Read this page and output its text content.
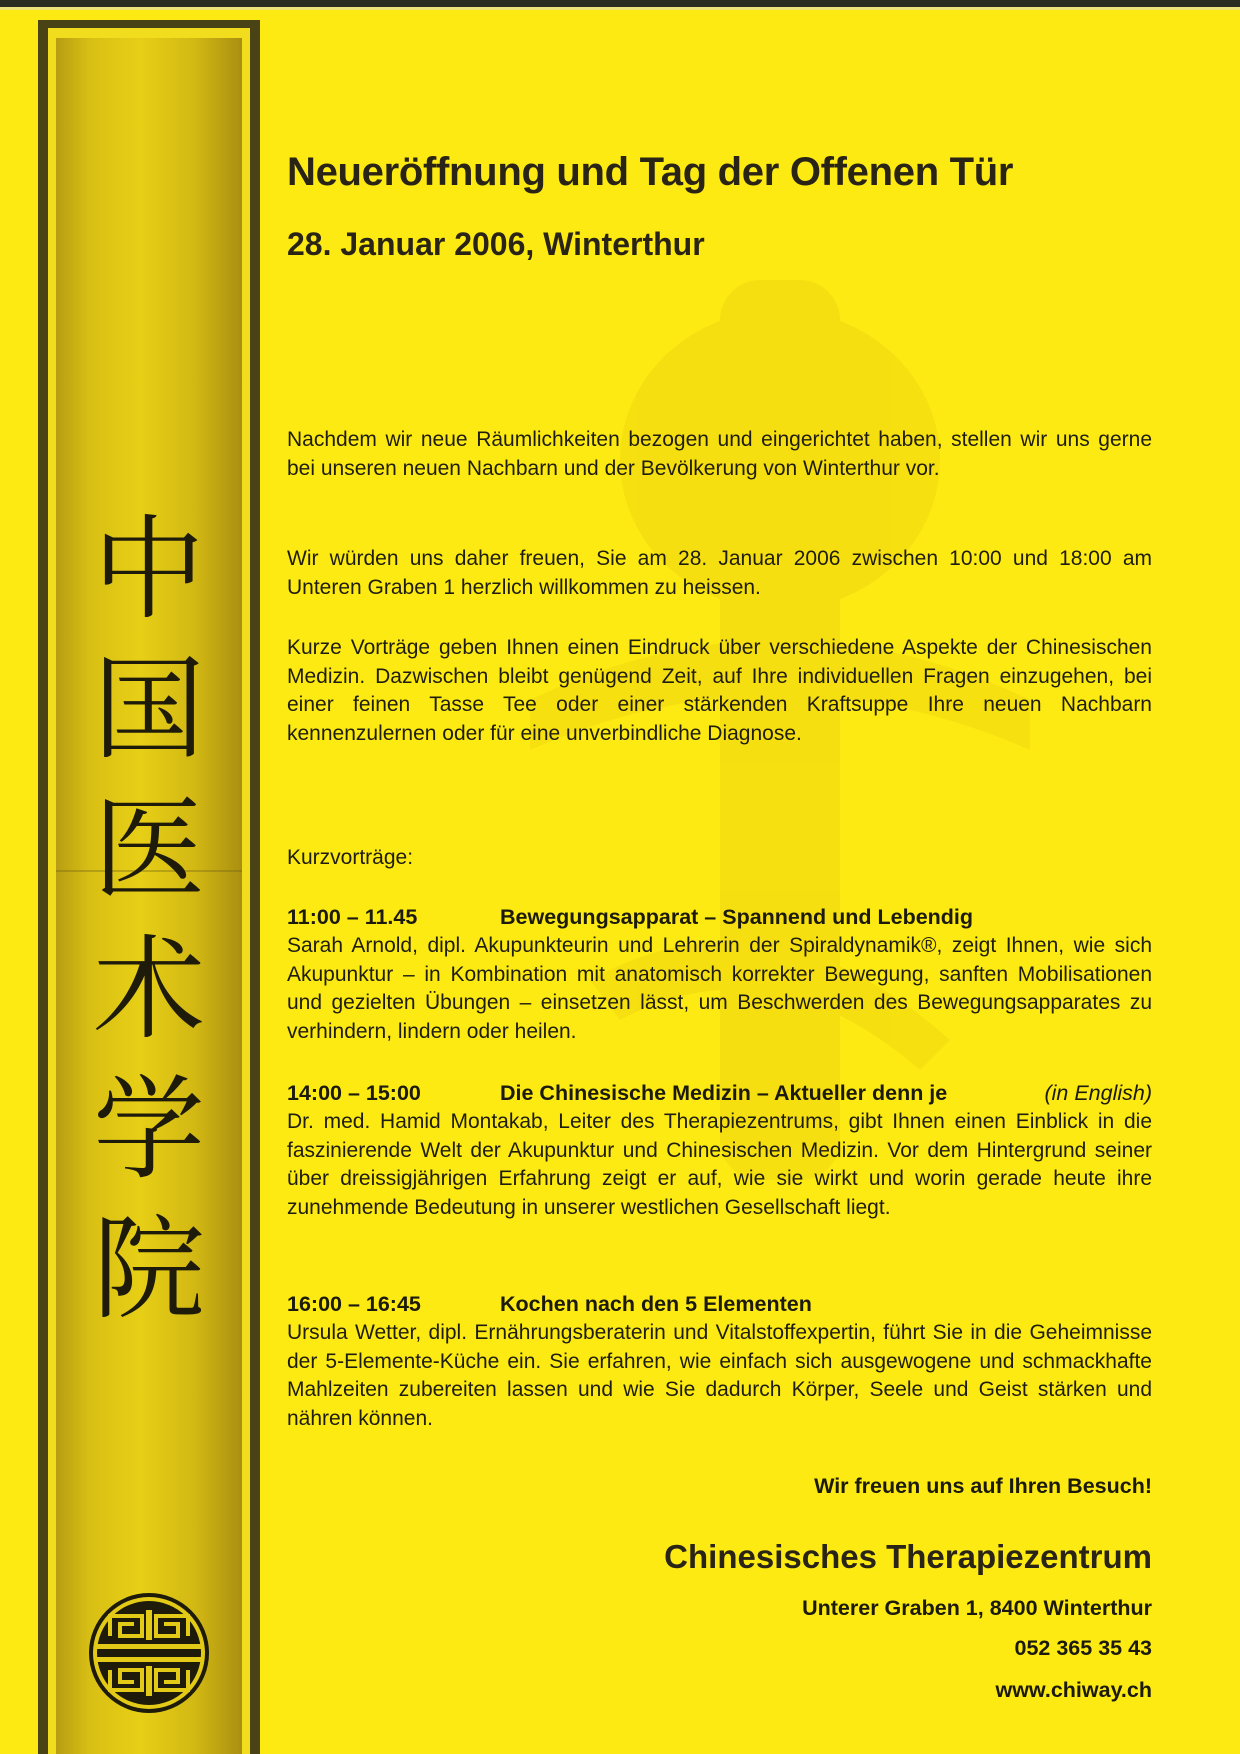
中
国
医
术
学
院
Neueröffnung und Tag der Offenen Tür
28. Januar 2006, Winterthur

Nachdem wir neue Räumlichkeiten bezogen und eingerichtet haben, stellen wir uns gerne bei unseren neuen Nachbarn und der Bevölkerung von Winterthur vor.

Wir würden uns daher freuen, Sie am 28. Januar 2006 zwischen 10:00 und 18:00 am Unteren Graben 1 herzlich willkommen zu heissen.

Kurze Vorträge geben Ihnen einen Eindruck über verschiedene Aspekte der Chinesischen Medizin. Dazwischen bleibt genügend Zeit, auf Ihre individuellen Fragen einzugehen, bei einer feinen Tasse Tee oder einer stärkenden Kraftsuppe Ihre neuen Nachbarn kennenzulernen oder für eine unverbindliche Diagnose.

Kurzvorträge:
11:00 – 11.45	Bewegungsapparat – Spannend und Lebendig

Sarah Arnold, dipl. Akupunkteurin und Lehrerin der Spiraldynamik®, zeigt Ihnen, wie sich Akupunktur – in Kombination mit anatomisch korrekter Bewegung, sanften Mobilisationen und gezielten Übungen – einsetzen lässt, um Beschwerden des Bewegungsapparates zu verhindern, lindern oder heilen.

14:00 – 15:00	Die Chinesische Medizin – Aktueller denn je	(in English)

Dr. med. Hamid Montakab, Leiter des Therapiezentrums, gibt Ihnen einen Einblick in die faszinierende Welt der Akupunktur und Chinesischen Medizin. Vor dem Hintergrund seiner über dreissigjährigen Erfahrung zeigt er auf, wie sie wirkt und worin gerade heute ihre zunehmende Bedeutung in unserer westlichen Gesellschaft liegt.

16:00 – 16:45	Kochen nach den 5 Elementen

Ursula Wetter, dipl. Ernährungsberaterin und Vitalstoffexpertin, führt Sie in die Geheimnisse der 5-Elemente-Küche ein. Sie erfahren, wie einfach sich ausgewogene und schmackhafte Mahlzeiten zubereiten lassen und wie Sie dadurch Körper, Seele und Geist stärken und nähren können.

Wir freuen uns auf Ihren Besuch!
Chinesisches Therapiezentrum
Unterer Graben 1, 8400 Winterthur
052 365 35 43
www.chiway.ch
